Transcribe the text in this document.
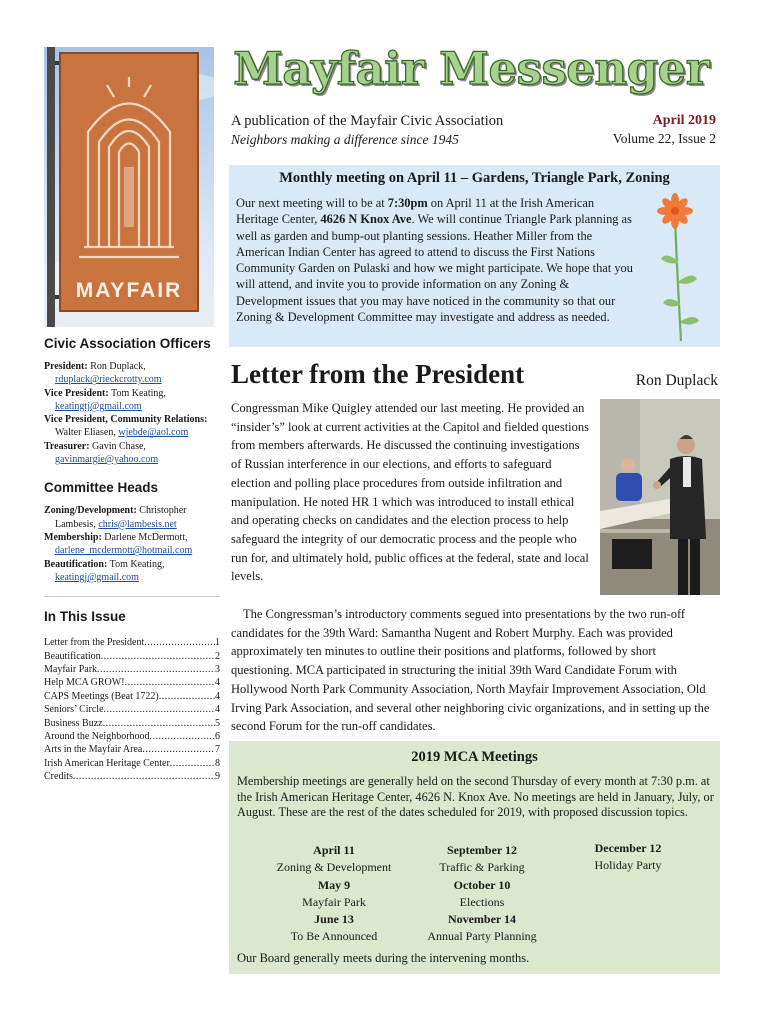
MAYFAIR
Civic Association Officers
President: Ron Duplack, rduplack@rieckcrotty.com
Vice President: Tom Keating, keatingtj@gmail.com
Vice President, Community Relations: Walter Eliasen, wjebde@aol.com
Treasurer: Gavin Chase, gavinmargie@yahoo.com
Committee Heads
Zoning/Development: Christopher Lambesis, chris@lambesis.net
Membership: Darlene McDermott, darlene_mcdermott@hotmail.com
Beautification: Tom Keating, keatingj@gmail.com
In This Issue
Letter from the President .....	1
Beautification .....	2
Mayfair Park .....	3
Help MCA GROW! .....	4
CAPS Meetings (Beat 1722) .....	4
Seniors’ Circle .....	4
Business Buzz .....	5
Around the Neighborhood .....	6
Arts in the Mayfair Area .....	7
Irish American Heritage Center .....	8
Credits .....	9
Mayfair Messenger
A publication of the Mayfair Civic Association
Neighbors making a difference since 1945
April 2019
Volume 22, Issue 2
Monthly meeting on April 11 – Gardens, Triangle Park, Zoning
Our next meeting will to be at 7:30pm on April 11 at the Irish American Heritage Center, 4626 N Knox Ave. We will continue Triangle Park planning as well as garden and bump-out planting sessions. Heather Miller from the American Indian Center has agreed to attend to discuss the First Nations Community Garden on Pulaski and how we might participate. We hope that you will attend, and invite you to provide information on any Zoning & Development issues that you may have noticed in the community so that our Zoning & Development Committee may investigate and address as needed.
Letter from the President	Ron Duplack
Congressman Mike Quigley attended our last meeting. He provided an “insider’s” look at current activities at the Capitol and fielded questions from members afterwards. He discussed the continuing investigations of Russian interference in our elections, and efforts to safeguard election and polling place procedures from outside infiltration and manipulation. He noted HR 1 which was introduced to install ethical and operating checks on candidates and the election process to help safeguard the integrity of our democratic process and the people who run for, and ultimately hold, public offices at the federal, state and local levels.
The Congressman’s introductory comments segued into presentations by the two run-off candidates for the 39th Ward: Samantha Nugent and Robert Murphy. Each was provided approximately ten minutes to outline their positions and platforms, followed by short questioning. MCA participated in structuring the initial 39th Ward Candidate Forum with Hollywood North Park Community Association, North Mayfair Improvement Association, Old Irving Park Association, and several other neighboring civic organizations, and in setting up the second Forum for the run-off candidates.
2019 MCA Meetings
Membership meetings are generally held on the second Thursday of every month at 7:30 p.m. at the Irish American Heritage Center, 4626 N. Knox Ave. No meetings are held in January, July, or August. These are the rest of the dates scheduled for 2019, with proposed discussion topics.
April 11
Zoning & Development
May 9
Mayfair Park
June 13
To Be Announced
September 12
Traffic & Parking
October 10
Elections
November 14
Annual Party Planning
December 12
Holiday Party
Our Board generally meets during the intervening months.
